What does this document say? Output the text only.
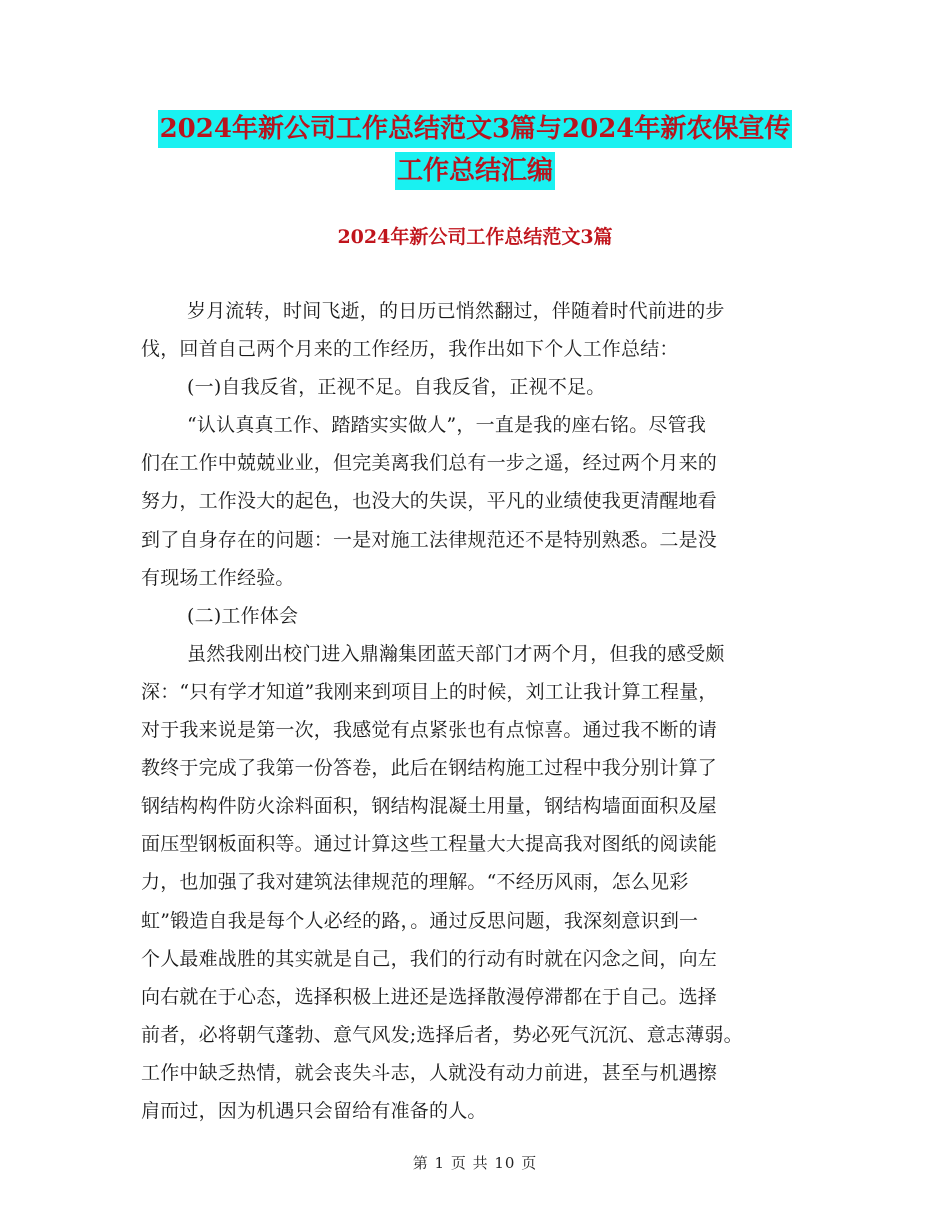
2024年新公司工作总结范文3篇与2024年新农保宣传
工作总结汇编
2024年新公司工作总结范文3篇
岁月流转，时间飞逝，的日历已悄然翻过，伴随着时代前进的步
伐，回首自己两个月来的工作经历，我作出如下个人工作总结：
(一)自我反省，正视不足。自我反省，正视不足。
“认认真真工作、踏踏实实做人”，一直是我的座右铭。尽管我
们在工作中兢兢业业，但完美离我们总有一步之遥，经过两个月来的
努力，工作没大的起色，也没大的失误，平凡的业绩使我更清醒地看
到了自身存在的问题：一是对施工法律规范还不是特别熟悉。二是没
有现场工作经验。
(二)工作体会
虽然我刚出校门进入鼎瀚集团蓝天部门才两个月，但我的感受颇
深：“只有学才知道”我刚来到项目上的时候，刘工让我计算工程量，
对于我来说是第一次，我感觉有点紧张也有点惊喜。通过我不断的请
教终于完成了我第一份答卷，此后在钢结构施工过程中我分别计算了
钢结构构件防火涂料面积，钢结构混凝土用量，钢结构墙面面积及屋
面压型钢板面积等。通过计算这些工程量大大提高我对图纸的阅读能
力，也加强了我对建筑法律规范的理解。“不经历风雨，怎么见彩
虹”锻造自我是每个人必经的路，。通过反思问题，我深刻意识到一
个人最难战胜的其实就是自己，我们的行动有时就在闪念之间，向左
向右就在于心态，选择积极上进还是选择散漫停滞都在于自己。选择
前者，必将朝气蓬勃、意气风发;选择后者，势必死气沉沉、意志薄弱。
工作中缺乏热情，就会丧失斗志，人就没有动力前进，甚至与机遇擦
肩而过，因为机遇只会留给有准备的人。
第 1 页 共 10 页
